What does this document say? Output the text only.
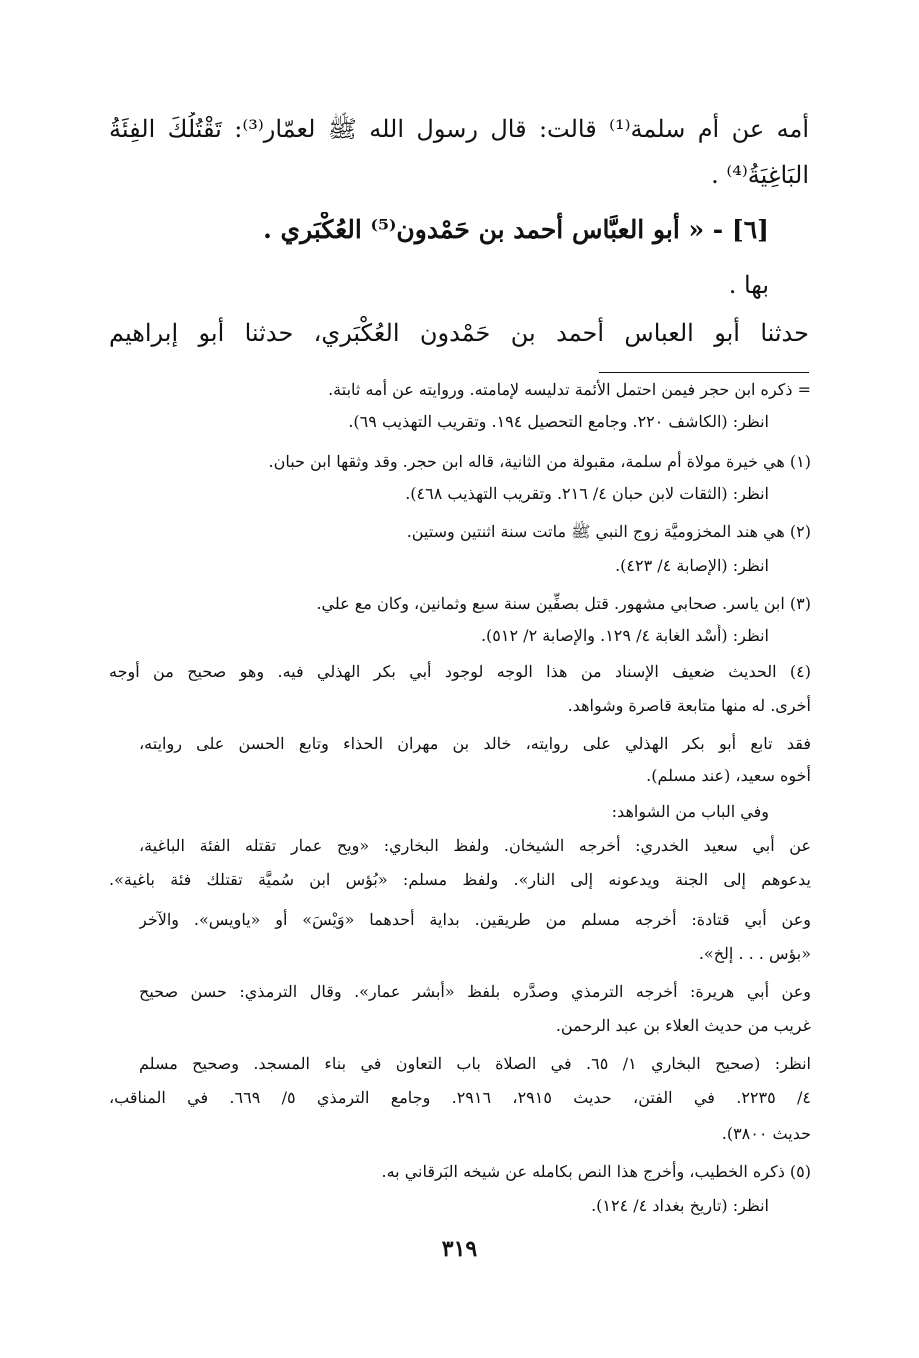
أمه عن أم سلمة⁽¹⁾ قالت: قال رسول الله ﷺ لعمّار⁽³⁾: تَقْتُلُكَ الفِئَةُ
البَاغِيَةُ⁽⁴⁾ .
[٦] - « أبو العبَّاس أحمد بن حَمْدون⁽⁵⁾ العُكْبَري .
بها .
حدثنا أبو العباس أحمد بن حَمْدون العُكْبَري، حدثنا أبو إبراهيم
= ذكره ابن حجر فيمن احتمل الأئمة تدليسه لإمامته. وروايته عن أمه ثابتة.
انظر: (الكاشف ٢٢٠. وجامع التحصيل ١٩٤. وتقريب التهذيب ٦٩).
(١) هي خيرة مولاة أم سلمة، مقبولة من الثانية، قاله ابن حجر. وقد وثقها ابن حبان.
انظر: (الثقات لابن حبان ٤/ ٢١٦. وتقريب التهذيب ٤٦٨).
(٢) هي هند المخزوميَّة زوج النبي ﷺ ماتت سنة اثنتين وستين.
انظر: (الإصابة ٤/ ٤٢٣).
(٣) ابن ياسر. صحابي مشهور. قتل بصفِّين سنة سبع وثمانين، وكان مع علي.
انظر: (أُسْد الغابة ٤/ ١٢٩. والإصابة ٢/ ٥١٢).
(٤) الحديث ضعيف الإسناد من هذا الوجه لوجود أبي بكر الهذلي فيه. وهو صحيح من أوجه
أخرى. له منها متابعة قاصرة وشواهد.
فقد تابع أبو بكر الهذلي على روايته، خالد بن مهران الحذاء وتابع الحسن على روايته،
أخوه سعيد، (عند مسلم).
وفي الباب من الشواهد:
عن أبي سعيد الخدري: أخرجه الشيخان. ولفظ البخاري: «ويح عمار تقتله الفئة الباغية،
يدعوهم إلى الجنة ويدعونه إلى النار». ولفظ مسلم: «بُؤس ابن سُميَّة تقتلك فئة باغية».
وعن أبي قتادة: أخرجه مسلم من طريقين. بداية أحدهما «وَيْسَ» أو «ياويس». والآخر
«بؤس . . . إلخ».
وعن أبي هريرة: أخرجه الترمذي وصدَّره بلفظ «أبشر عمار». وقال الترمذي: حسن صحيح
غريب من حديث العلاء بن عبد الرحمن.
انظر: (صحيح البخاري ١/ ٦٥. في الصلاة باب التعاون في بناء المسجد. وصحيح مسلم
٤/ ٢٢٣٥. في الفتن، حديث ٢٩١٥، ٢٩١٦. وجامع الترمذي ٥/ ٦٦٩. في المناقب،
حديث ٣٨٠٠).
(٥) ذكره الخطيب، وأخرج هذا النص بكامله عن شيخه البَرقاني به.
انظر: (تاريخ بغداد ٤/ ١٢٤).
٣١٩
